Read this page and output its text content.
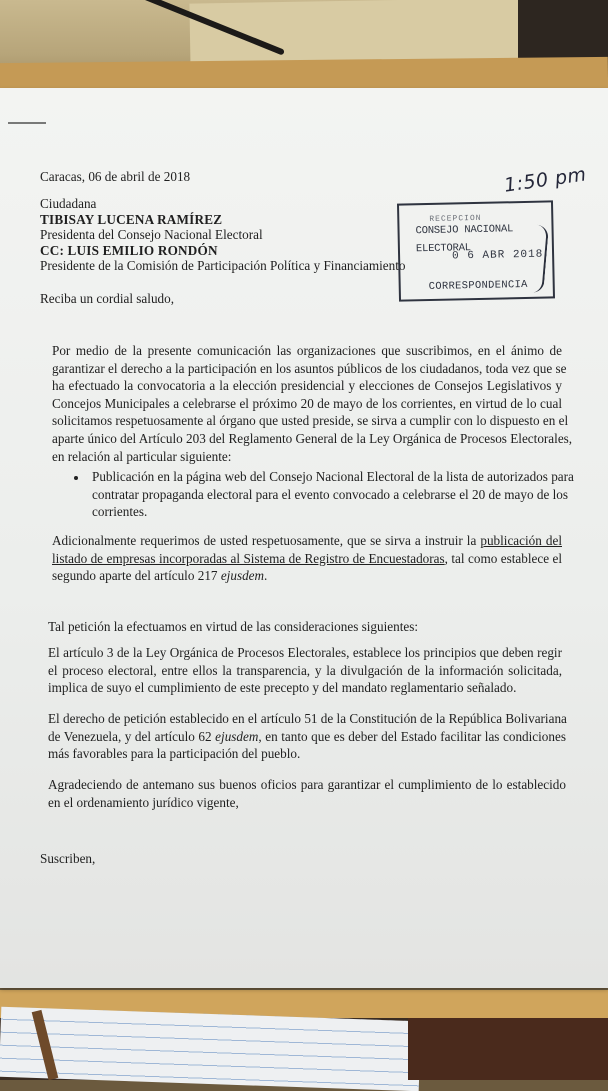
Caracas, 06 de abril de 2018
Ciudadana
TIBISAY LUCENA RAMÍREZ
Presidenta del Consejo Nacional Electoral
CC: LUIS EMILIO RONDÓN
Presidente de la Comisión de Participación Política y Financiamiento
Reciba un cordial saludo,
Por medio de la presente comunicación las organizaciones que suscribimos, en el ánimo de
garantizar el derecho a la participación en los asuntos públicos de los ciudadanos, toda vez que se
ha efectuado la convocatoria a la elección presidencial y elecciones de Consejos Legislativos y
Concejos Municipales a celebrarse el próximo 20 de mayo de los corrientes, en virtud de lo cual
solicitamos respetuosamente al órgano que usted preside, se sirva a cumplir con lo dispuesto en el
aparte único del Artículo 203 del Reglamento General de la Ley Orgánica de Procesos Electorales,
en relación al particular siguiente:
Publicación en la página web del Consejo Nacional Electoral de la lista de autorizados para
contratar propaganda electoral para el evento convocado a celebrarse el 20 de mayo de los
corrientes.
Adicionalmente requerimos de usted respetuosamente, que se sirva a instruir la publicación del
listado de empresas incorporadas al Sistema de Registro de Encuestadoras, tal como establece el
segundo aparte del artículo 217 ejusdem.
Tal petición la efectuamos en virtud de las consideraciones siguientes:
El artículo 3 de la Ley Orgánica de Procesos Electorales, establece los principios que deben regir
el proceso electoral, entre ellos la transparencia, y la divulgación de la información solicitada,
implica de suyo el cumplimiento de este precepto y del mandato reglamentario señalado.
El derecho de petición establecido en el artículo 51 de la Constitución de la República Bolivariana
de Venezuela, y del artículo 62 ejusdem, en tanto que es deber del Estado facilitar las condiciones
más favorables para la participación del pueblo.
Agradeciendo de antemano sus buenos oficios para garantizar el cumplimiento de lo establecido
en el ordenamiento jurídico vigente,
Suscriben,
RECEPCION
CONSEJO NACIONAL ELECTORAL
0 6 ABR 2018
CORRESPONDENCIA
1:50 pm
